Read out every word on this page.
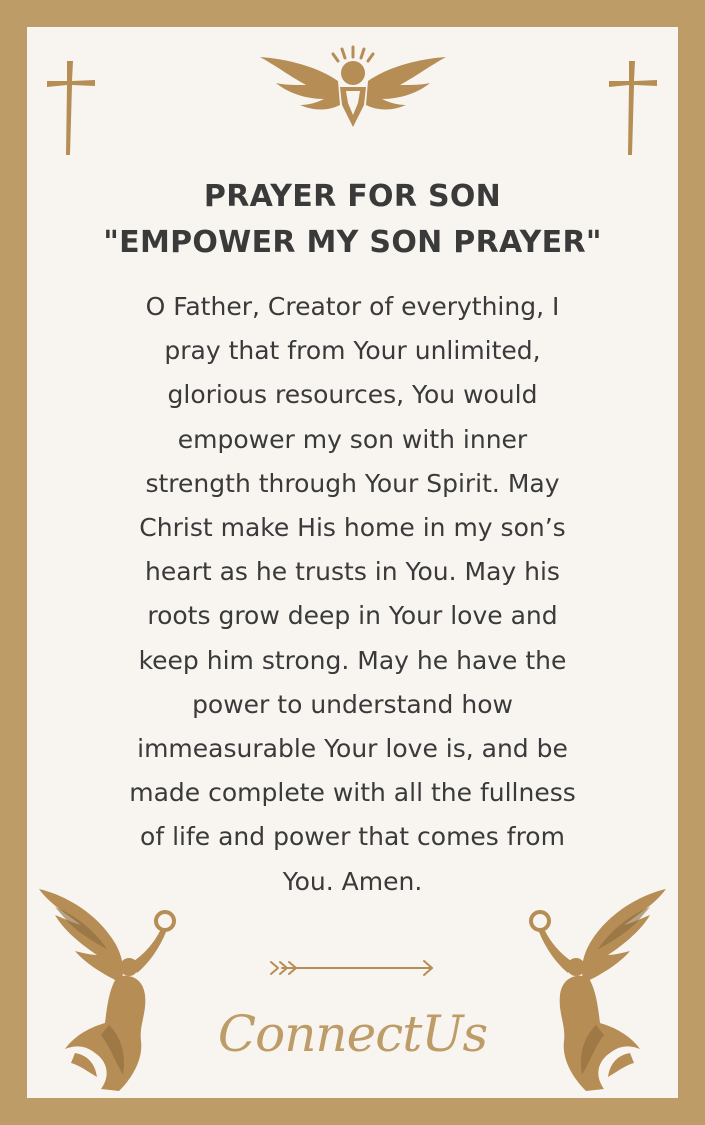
PRAYER FOR SON
"EMPOWER MY SON PRAYER"
O Father, Creator of everything, I
pray that from Your unlimited,
glorious resources, You would
empower my son with inner
strength through Your Spirit. May
Christ make His home in my son’s
heart as he trusts in You. May his
roots grow deep in Your love and
keep him strong. May he have the
power to understand how
immeasurable Your love is, and be
made complete with all the fullness
of life and power that comes from
You. Amen.
ConnectUs
